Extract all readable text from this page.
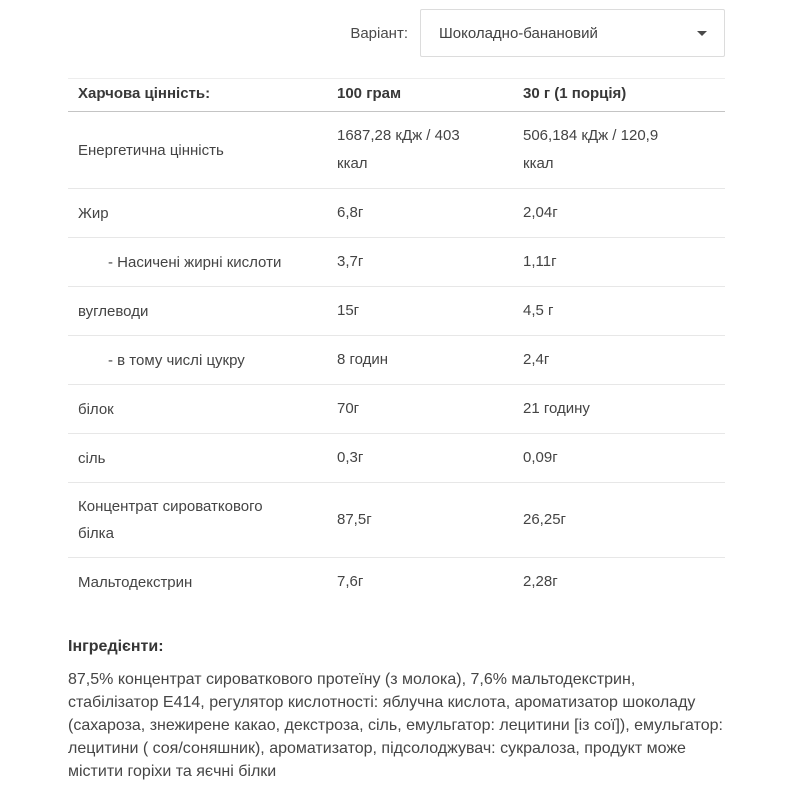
Варіант: Шоколадно-банановий
Харчова цінність:	100 грам	30 г (1 порція)
Енергетична цінність	1687,28 кДж / 403 ккал	506,184 кДж / 120,9 ккал
Жир	6,8г	2,04г
- Насичені жирні кислоти	3,7г	1,11г
вуглеводи	15г	4,5 г
- в тому числі цукру	8 годин	2,4г
білок	70г	21 годину
сіль	0,3г	0,09г
Концентрат сироваткового білка	87,5г	26,25г
Мальтодекстрин	7,6г	2,28г
Інгредієнти:

87,5% концентрат сироваткового протеїну (з молока), 7,6% мальтодекстрин, стабілізатор Е414, регулятор кислотності: яблучна кислота, ароматизатор шоколаду (сахароза, знежирене какао, декстроза, сіль, емульгатор: лецитини [із сої]), емульгатор: лецитини ( соя/соняшник), ароматизатор, підсолоджувач: сукралоза, продукт може містити горіхи та яєчні білки
